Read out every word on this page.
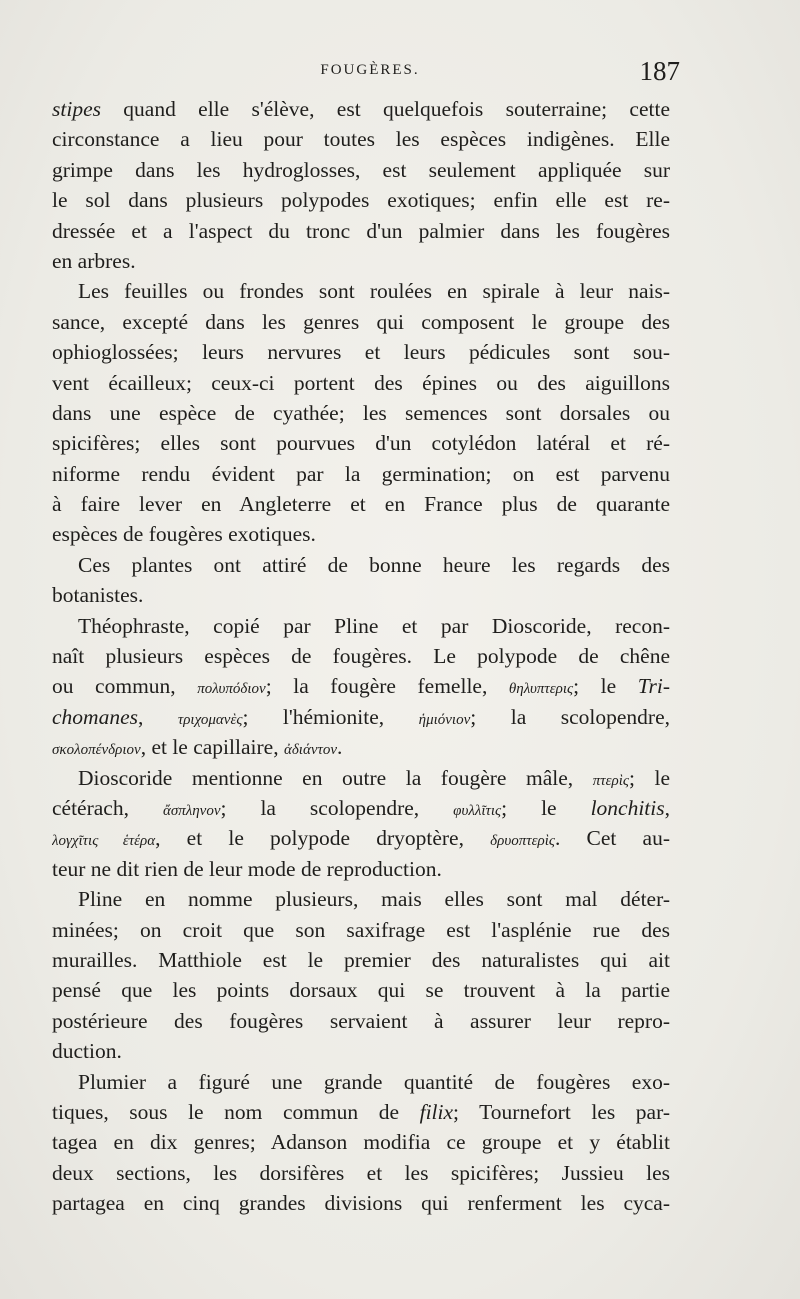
FOUGÈRES.	187
stipes quand elle s'élève, est quelquefois souterraine; cette
circonstance a lieu pour toutes les espèces indigènes. Elle
grimpe dans les hydroglosses, est seulement appliquée sur
le sol dans plusieurs polypodes exotiques; enfin elle est re-
dressée et a l'aspect du tronc d'un palmier dans les fougères
en arbres.
Les feuilles ou frondes sont roulées en spirale à leur nais-
sance, excepté dans les genres qui composent le groupe des
ophioglossées; leurs nervures et leurs pédicules sont sou-
vent écailleux; ceux-ci portent des épines ou des aiguillons
dans une espèce de cyathée; les semences sont dorsales ou
spicifères; elles sont pourvues d'un cotylédon latéral et ré-
niforme rendu évident par la germination; on est parvenu
à faire lever en Angleterre et en France plus de quarante
espèces de fougères exotiques.
Ces plantes ont attiré de bonne heure les regards des
botanistes.
Théophraste, copié par Pline et par Dioscoride, recon-
naît plusieurs espèces de fougères. Le polypode de chêne
ou commun, πολυπόδιον; la fougère femelle, θηλυπτερις; le Tri-
chomanes, τριχομανὲς; l'hémionite, ἡμιόνιον; la scolopendre,
σκολοπένδριον, et le capillaire, ἀδιάντον.
Dioscoride mentionne en outre la fougère mâle, πτερὶς; le
cétérach, ἄσπληνον; la scolopendre, φυλλῖτις; le lonchitis,
λογχῖτις ἑτέρα, et le polypode dryoptère, δρυοπτερὶς. Cet au-
teur ne dit rien de leur mode de reproduction.
Pline en nomme plusieurs, mais elles sont mal déter-
minées; on croit que son saxifrage est l'asplénie rue des
murailles. Matthiole est le premier des naturalistes qui ait
pensé que les points dorsaux qui se trouvent à la partie
postérieure des fougères servaient à assurer leur repro-
duction.
Plumier a figuré une grande quantité de fougères exo-
tiques, sous le nom commun de filix; Tournefort les par-
tagea en dix genres; Adanson modifia ce groupe et y établit
deux sections, les dorsifères et les spicifères; Jussieu les
partagea en cinq grandes divisions qui renferment les cyca-
